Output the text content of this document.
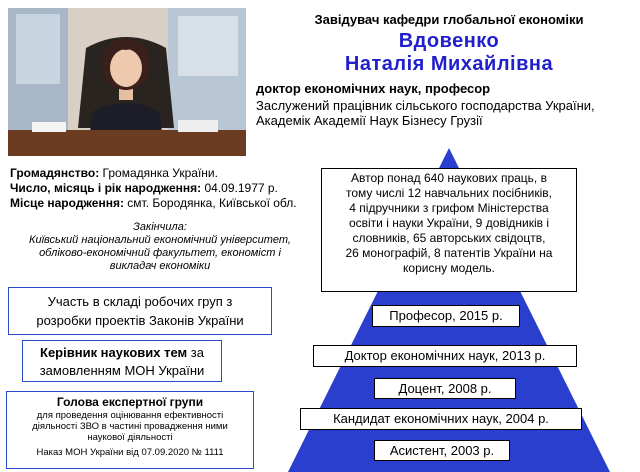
Завідувач кафедри глобальної економіки
Вдовенко
Наталія Михайлівна
доктор економічних наук, професор
Заслужений працівник сільського господарства України,
Академік Академії Наук Бізнесу Грузії
Громадянство: Громадянка України.
Число, місяць і рік народження: 04.09.1977 р.
Місце народження: смт. Бородянка, Київської обл.
Закінчила:
Київський національний економічний університет,
обліково-економічний факультет, економіст і
викладач економіки
Участь в складі робочих груп з
розробки проектів Законів України
Керівник наукових тем за
замовленням МОН України
Голова експертної групи
для проведення оцінювання ефективності
діяльності ЗВО в частині провадження ними
наукової діяльності
Наказ МОН України від 07.09.2020 № 1111
Автор понад 640 наукових праць, в
тому числі 12 навчальних посібників,
4 підручники з грифом Міністерства
освіти і науки України, 9 довідників і
словників, 65 авторських свідоцтв,
26 монографій, 8 патентів України на
корисну модель.
Професор, 2015 р.
Доктор економічних наук, 2013 р.
Доцент, 2008 р.
Кандидат економічних наук, 2004 р.
Асистент, 2003 р.
